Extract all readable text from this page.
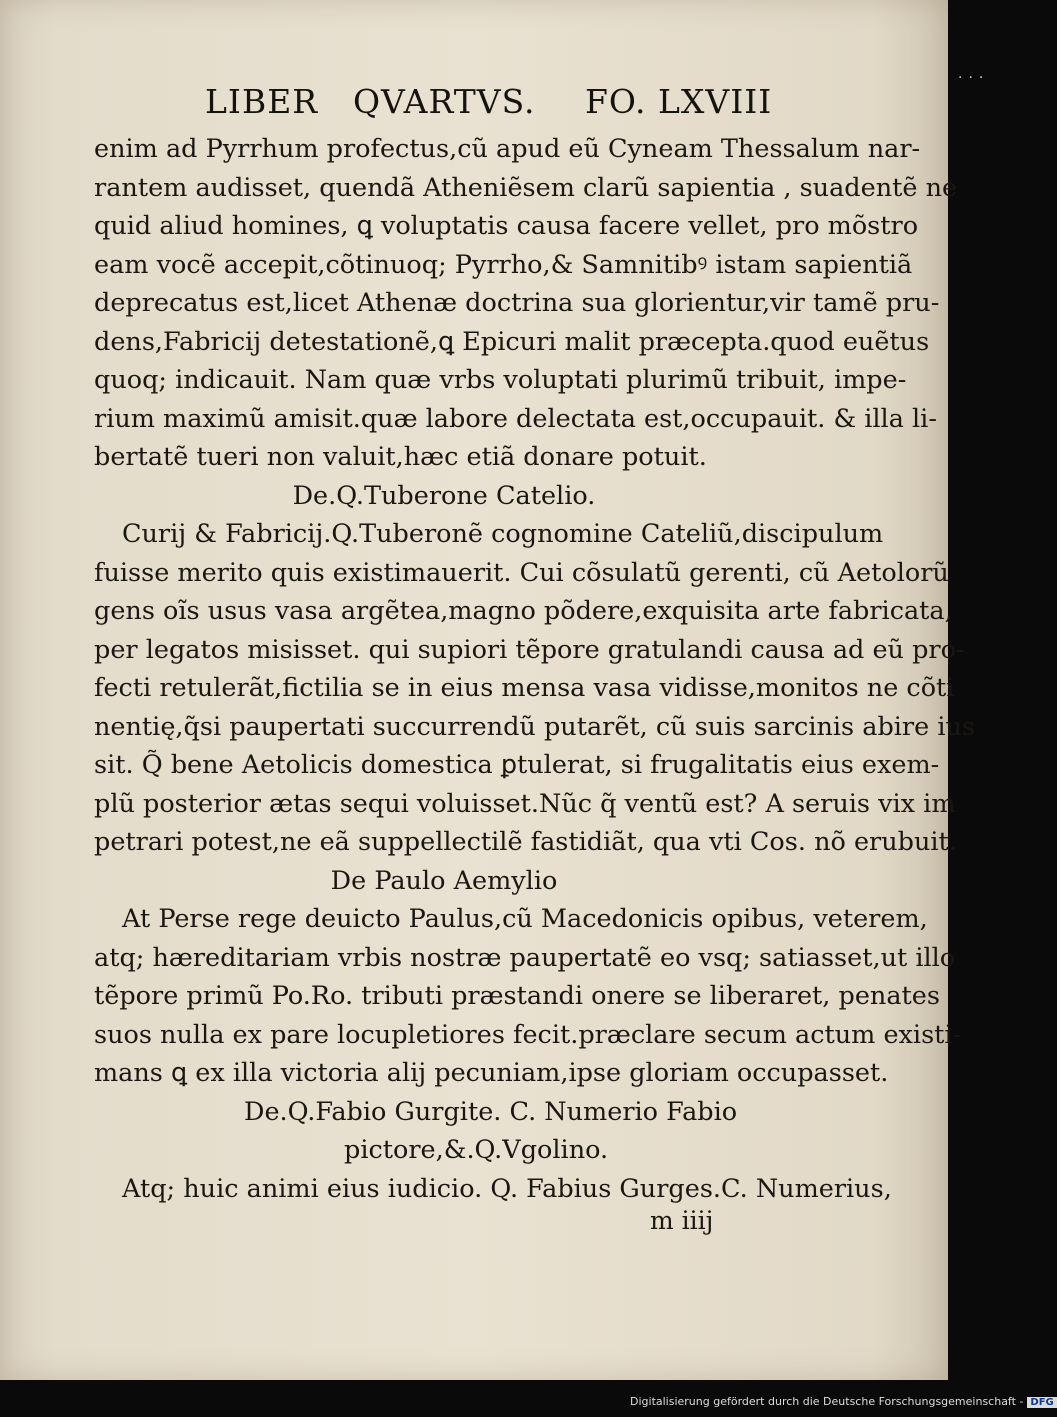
LIBER QVARTVS. FO. LXVIII
enim ad Pyrrhum profectus,cũ apud eũ Cyneam Thessalum nar-
rantem audisset, quendã Atheniẽsem clarũ sapientia , suadentẽ ne
quid aliud homines, ꝗ voluptatis causa facere vellet, pro mõstro
eam vocẽ accepit,cõtinuoq; Pyrrho,& Samnitibꝰ istam sapientiã
deprecatus est,licet Athenæ doctrina sua glorientur,vir tamẽ pru-
dens,Fabricij detestationẽ,ꝗ Epicuri malit præcepta.quod euẽtus
quoq; indicauit. Nam quæ vrbs voluptati plurimũ tribuit, impe-
rium maximũ amisit.quæ labore delectata est,occupauit. & illa li-
bertatẽ tueri non valuit,hæc etiã donare potuit.
De.Q.Tuberone Catelio.
Curij & Fabricij.Q.Tuberonẽ cognomine Cateliũ,discipulum
fuisse merito quis existimauerit. Cui cõsulatũ gerenti, cũ Aetolorũ
gens oĩs usus vasa argẽtea,magno põdere,exquisita arte fabricata,
per legatos misisset. qui supiori tẽpore gratulandi causa ad eũ pro-
fecti retulerãt,fictilia se in eius mensa vasa vidisse,monitos ne cõti
nentię,q̃si paupertati succurrendũ putarẽt, cũ suis sarcinis abire ius
sit. Q̃ bene Aetolicis domestica ꝑtulerat, si frugalitatis eius exem-
plũ posterior ætas sequi voluisset.Nũc q̃ ventũ est? A seruis vix im
petrari potest,ne eã suppellectilẽ fastidiãt, qua vti Cos. nõ erubuit.
De Paulo Aemylio
At Perse rege deuicto Paulus,cũ Macedonicis opibus, veterem,
atq; hæreditariam vrbis nostræ paupertatẽ eo vsq; satiasset,ut illo
tẽpore primũ Po.Ro. tributi præstandi onere se liberaret, penates
suos nulla ex pare locupletiores fecit.præclare secum actum existi-
mans ꝗ ex illa victoria alij pecuniam,ipse gloriam occupasset.
De.Q.Fabio Gurgite. C. Numerio Fabio
pictore,&.Q.Vgolino.
Atq; huic animi eius iudicio. Q. Fabius Gurges.C. Numerius,
m iiij
···
Digitalisierung gefördert durch die Deutsche Forschungsgemeinschaft - DFG
